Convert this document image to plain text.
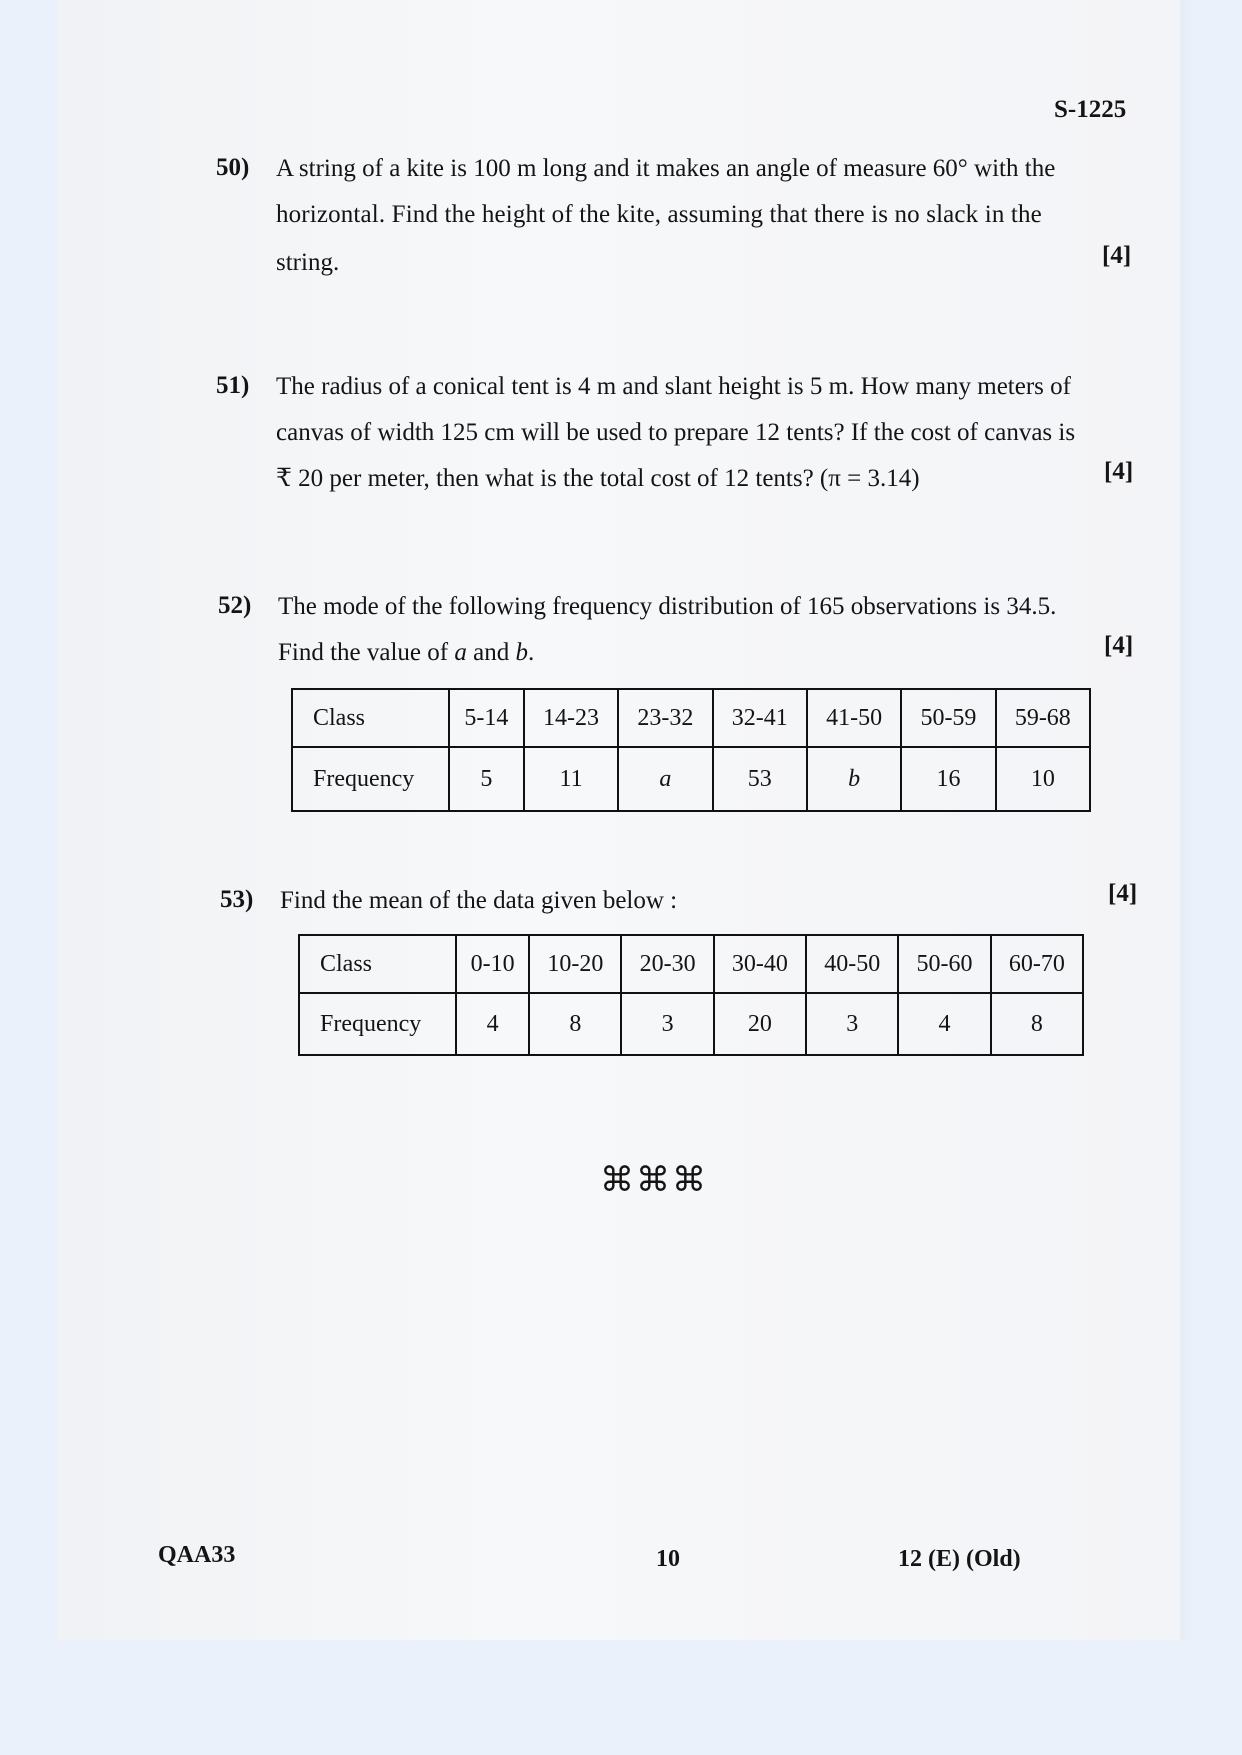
S-1225
50) A string of a kite is 100 m long and it makes an angle of measure 60° with the
horizontal. Find the height of the kite, assuming that there is no slack in the
string.	[4]
51) The radius of a conical tent is 4 m and slant height is 5 m. How many meters of
canvas of width 125 cm will be used to prepare 12 tents? If the cost of canvas is
₹ 20 per meter, then what is the total cost of 12 tents? (π = 3.14)	[4]
52) The mode of the following frequency distribution of 165 observations is 34.5.
Find the value of a and b.	[4]
Class	5-14	14-23	23-32	32-41	41-50	50-59	59-68
Frequency	5	11	a	53	b	16	10
53) Find the mean of the data given below :	[4]
Class	0-10	10-20	20-30	30-40	40-50	50-60	60-70
Frequency	4	8	3	20	3	4	8
⌘⌘⌘
QAA33	10	12 (E) (Old)
